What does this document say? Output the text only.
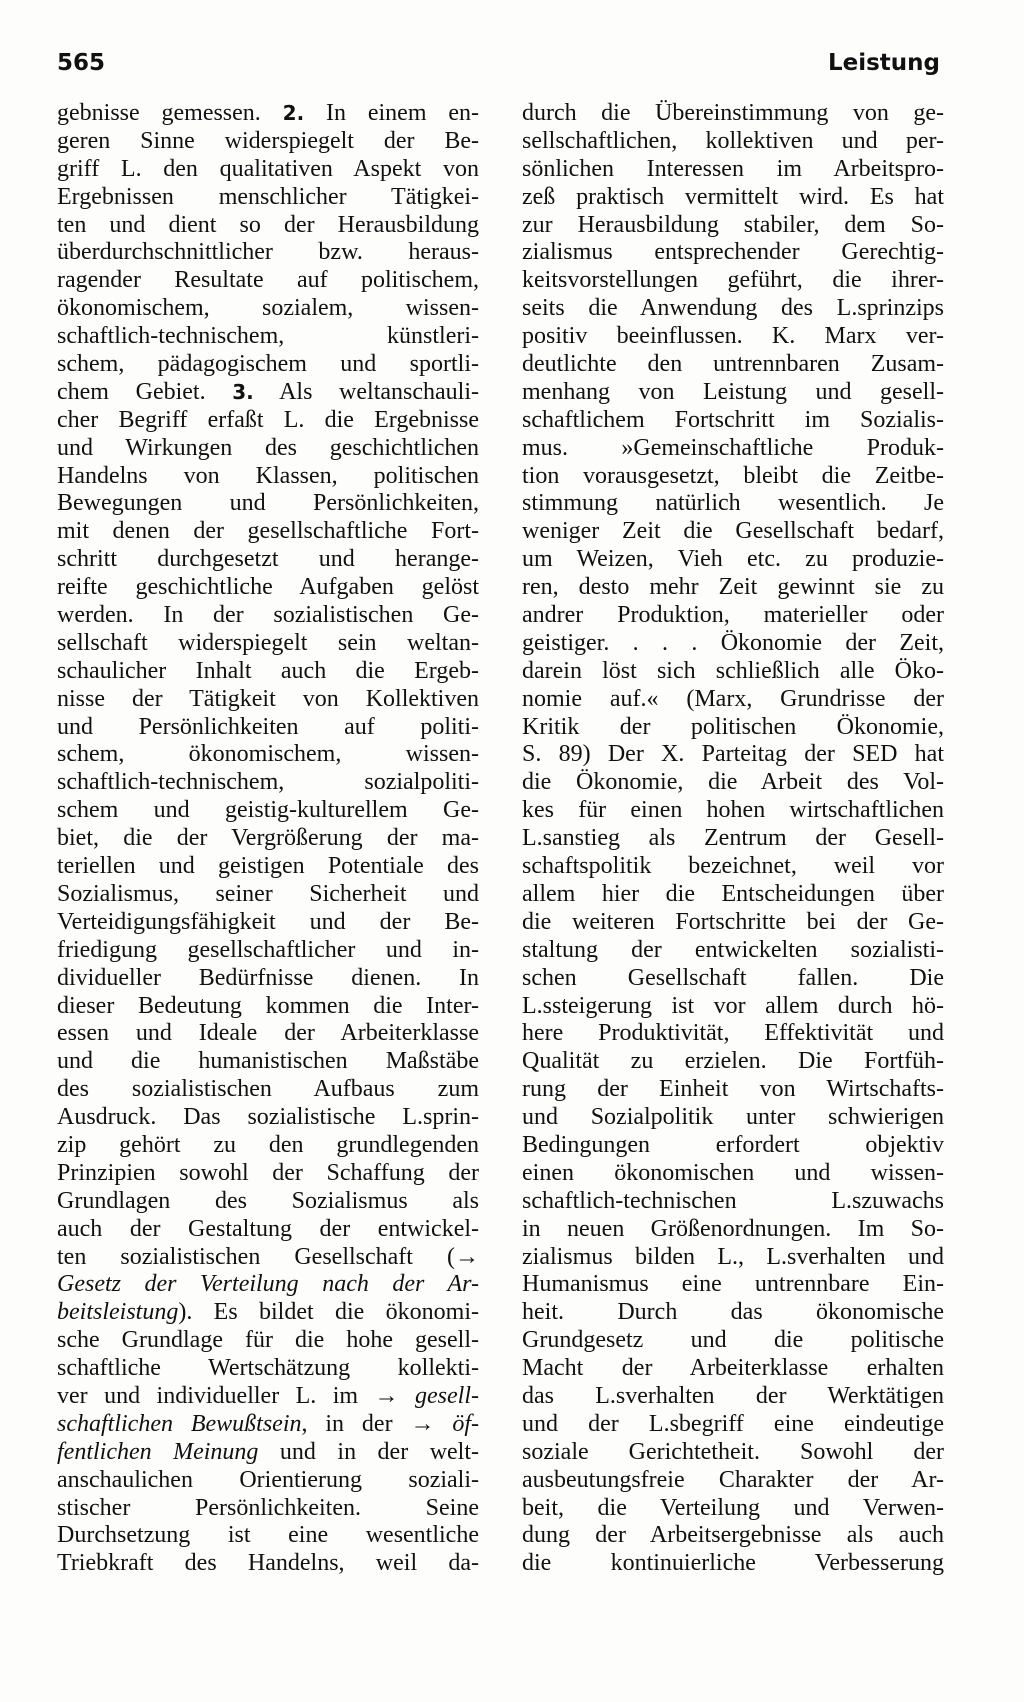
565	Leistung
gebnisse gemessen. 2. In einem en-
geren Sinne widerspiegelt der Be-
griff L. den qualitativen Aspekt von
Ergebnissen menschlicher Tätigkei-
ten und dient so der Herausbildung
überdurchschnittlicher bzw. heraus-
ragender Resultate auf politischem,
ökonomischem, sozialem, wissen-
schaftlich-technischem, künstleri-
schem, pädagogischem und sportli-
chem Gebiet. 3. Als weltanschauli-
cher Begriff erfaßt L. die Ergebnisse
und Wirkungen des geschichtlichen
Handelns von Klassen, politischen
Bewegungen und Persönlichkeiten,
mit denen der gesellschaftliche Fort-
schritt durchgesetzt und herange-
reifte geschichtliche Aufgaben gelöst
werden. In der sozialistischen Ge-
sellschaft widerspiegelt sein weltan-
schaulicher Inhalt auch die Ergeb-
nisse der Tätigkeit von Kollektiven
und Persönlichkeiten auf politi-
schem, ökonomischem, wissen-
schaftlich-technischem, sozialpoliti-
schem und geistig-kulturellem Ge-
biet, die der Vergrößerung der ma-
teriellen und geistigen Potentiale des
Sozialismus, seiner Sicherheit und
Verteidigungsfähigkeit und der Be-
friedigung gesellschaftlicher und in-
dividueller Bedürfnisse dienen. In
dieser Bedeutung kommen die Inter-
essen und Ideale der Arbeiterklasse
und die humanistischen Maßstäbe
des sozialistischen Aufbaus zum
Ausdruck. Das sozialistische L.sprin-
zip gehört zu den grundlegenden
Prinzipien sowohl der Schaffung der
Grundlagen des Sozialismus als
auch der Gestaltung der entwickel-
ten sozialistischen Gesellschaft (→
Gesetz der Verteilung nach der Ar-
beitsleistung). Es bildet die ökonomi-
sche Grundlage für die hohe gesell-
schaftliche Wertschätzung kollekti-
ver und individueller L. im → gesell-
schaftlichen Bewußtsein, in der → öf-
fentlichen Meinung und in der welt-
anschaulichen Orientierung soziali-
stischer Persönlichkeiten. Seine
Durchsetzung ist eine wesentliche
Triebkraft des Handelns, weil da-
durch die Übereinstimmung von ge-
sellschaftlichen, kollektiven und per-
sönlichen Interessen im Arbeitspro-
zeß praktisch vermittelt wird. Es hat
zur Herausbildung stabiler, dem So-
zialismus entsprechender Gerechtig-
keitsvorstellungen geführt, die ihrer-
seits die Anwendung des L.sprinzips
positiv beeinflussen. K. Marx ver-
deutlichte den untrennbaren Zusam-
menhang von Leistung und gesell-
schaftlichem Fortschritt im Sozialis-
mus. »Gemeinschaftliche Produk-
tion vorausgesetzt, bleibt die Zeitbe-
stimmung natürlich wesentlich. Je
weniger Zeit die Gesellschaft bedarf,
um Weizen, Vieh etc. zu produzie-
ren, desto mehr Zeit gewinnt sie zu
andrer Produktion, materieller oder
geistiger. . . . Ökonomie der Zeit,
darein löst sich schließlich alle Öko-
nomie auf.« (Marx, Grundrisse der
Kritik der politischen Ökonomie,
S. 89) Der X. Parteitag der SED hat
die Ökonomie, die Arbeit des Vol-
kes für einen hohen wirtschaftlichen
L.sanstieg als Zentrum der Gesell-
schaftspolitik bezeichnet, weil vor
allem hier die Entscheidungen über
die weiteren Fortschritte bei der Ge-
staltung der entwickelten sozialisti-
schen Gesellschaft fallen. Die
L.ssteigerung ist vor allem durch hö-
here Produktivität, Effektivität und
Qualität zu erzielen. Die Fortfüh-
rung der Einheit von Wirtschafts-
und Sozialpolitik unter schwierigen
Bedingungen erfordert objektiv
einen ökonomischen und wissen-
schaftlich-technischen L.szuwachs
in neuen Größenordnungen. Im So-
zialismus bilden L., L.sverhalten und
Humanismus eine untrennbare Ein-
heit. Durch das ökonomische
Grundgesetz und die politische
Macht der Arbeiterklasse erhalten
das L.sverhalten der Werktätigen
und der L.sbegriff eine eindeutige
soziale Gerichtetheit. Sowohl der
ausbeutungsfreie Charakter der Ar-
beit, die Verteilung und Verwen-
dung der Arbeitsergebnisse als auch
die kontinuierliche Verbesserung
